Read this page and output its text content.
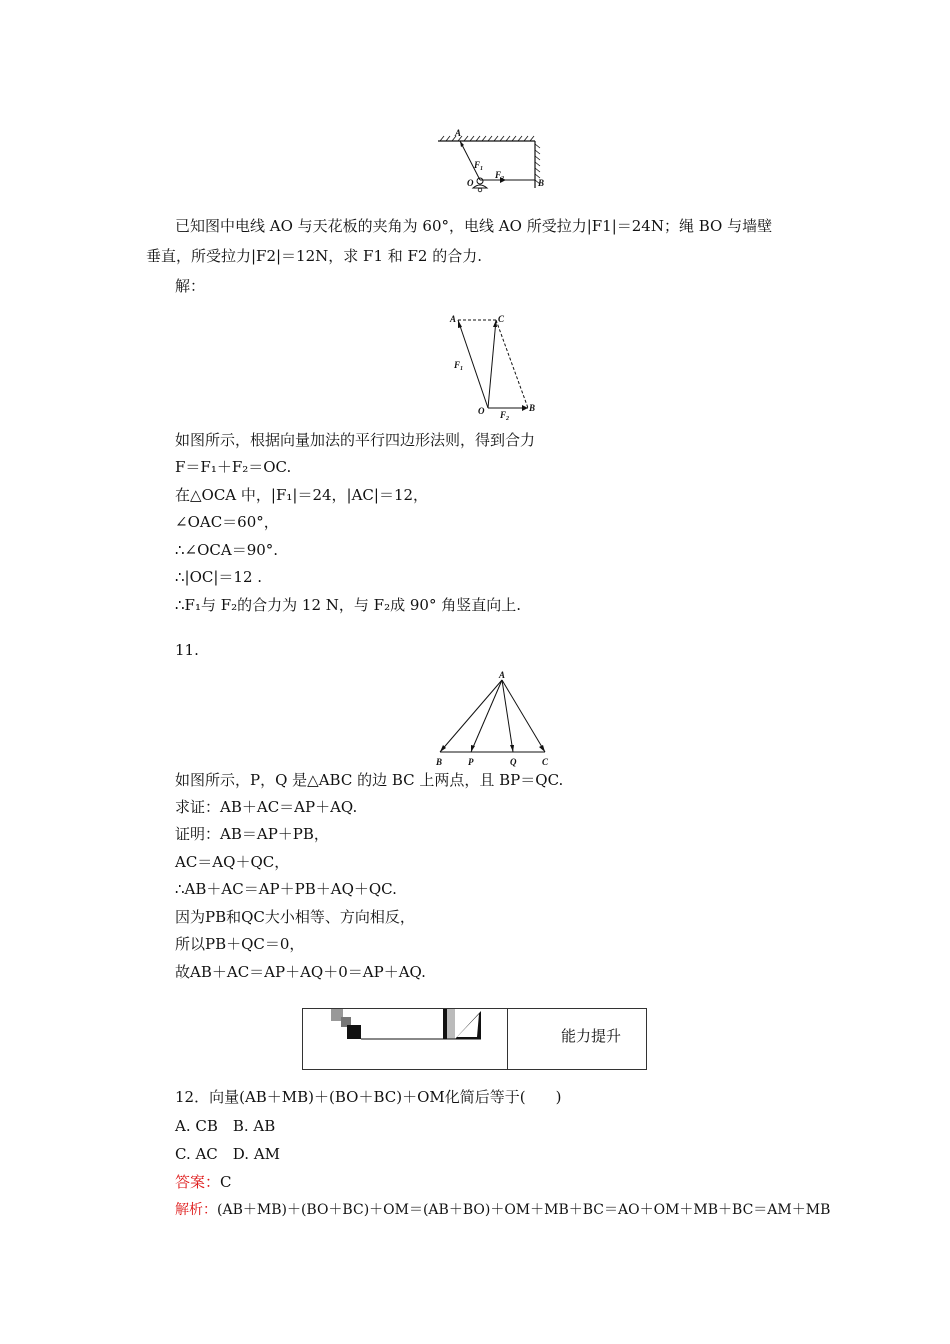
A
$F_1$
$F_2$
O	B
已知图中电线 AO 与天花板的夹角为 60°，电线 AO 所受拉力|F1|＝24N；绳 BO 与墙壁
垂直，所受拉力|F2|＝12N，求 F1 和 F2 的合力.
解：
A	C
$F_1$
O $F_2$
B
如图所示，根据向量加法的平行四边形法则，得到合力
F＝F₁＋F₂＝OC.
在△OCA 中，|F₁|＝24，|AC|＝12，
∠OAC＝60°，
∴∠OCA＝90°.
∴|OC|＝12 .
∴F₁与 F₂的合力为 12 N，与 F₂成 90° 角竖直向上.
11.
A
B	P	Q	C
如图所示，P，Q 是△ABC 的边 BC 上两点，且 BP＝QC.
求证：AB＋AC＝AP＋AQ.
证明：AB＝AP＋PB，
AC＝AQ＋QC，
∴AB＋AC＝AP＋PB＋AQ＋QC.
因为PB和QC大小相等、方向相反，
所以PB＋QC＝0，
故AB＋AC＝AP＋AQ＋0＝AP＋AQ.
能力提升
12．向量(AB＋MB)＋(BO＋BC)＋OM化简后等于(　　)
A. CB　B. AB
C. AC　D. AM
答案：C
解析：(AB＋MB)＋(BO＋BC)＋OM＝(AB＋BO)＋OM＋MB＋BC＝AO＋OM＋MB＋BC＝AM＋MB
